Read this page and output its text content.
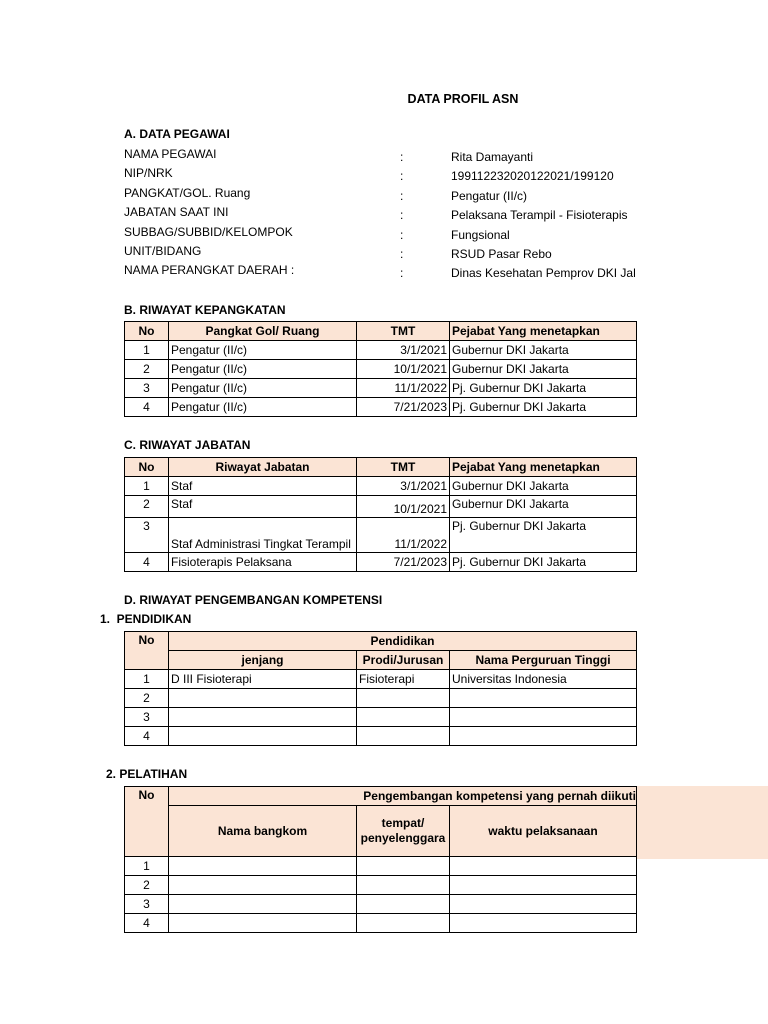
DATA PROFIL ASN
A. DATA PEGAWAI
NAMA PEGAWAI	:	Rita Damayanti
NIP/NRK	:	199112232020122021/199120
PANGKAT/GOL. Ruang	:	Pengatur (II/c)
JABATAN SAAT INI	:	Pelaksana Terampil - Fisioterapis
SUBBAG/SUBBID/KELOMPOK	:	Fungsional
UNIT/BIDANG	:	RSUD Pasar Rebo
NAMA PERANGKAT DAERAH :	:	Dinas Kesehatan Pemprov DKI Jal
B. RIWAYAT KEPANGKATAN
No	Pangkat Gol/ Ruang	TMT	Pejabat Yang menetapkan
1	Pengatur (II/c)	3/1/2021	Gubernur DKI Jakarta
2	Pengatur (II/c)	10/1/2021	Gubernur DKI Jakarta
3	Pengatur (II/c)	11/1/2022	Pj. Gubernur DKI Jakarta
4	Pengatur (II/c)	7/21/2023	Pj. Gubernur DKI Jakarta
C. RIWAYAT JABATAN
No	Riwayat Jabatan	TMT	Pejabat Yang menetapkan
1	Staf	3/1/2021	Gubernur DKI Jakarta
2	Staf	10/1/2021	Gubernur DKI Jakarta
3	Staf Administrasi Tingkat Terampil	11/1/2022	Pj. Gubernur DKI Jakarta
4	Fisioterapis Pelaksana	7/21/2023	Pj. Gubernur DKI Jakarta
D. RIWAYAT PENGEMBANGAN KOMPETENSI
1.  PENDIDIKAN
No	Pendidikan		
	jenjang	Prodi/Jurusan	Nama Perguruan Tinggi
1	D III Fisioterapi	Fisioterapi	Universitas Indonesia
2			
3			
4			
2. PELATIHAN
No	Pengembangan kompetensi yang pernah diikuti		
	Nama bangkom	tempat/ penyelenggara	waktu pelaksanaan
1			
2			
3			
4			
